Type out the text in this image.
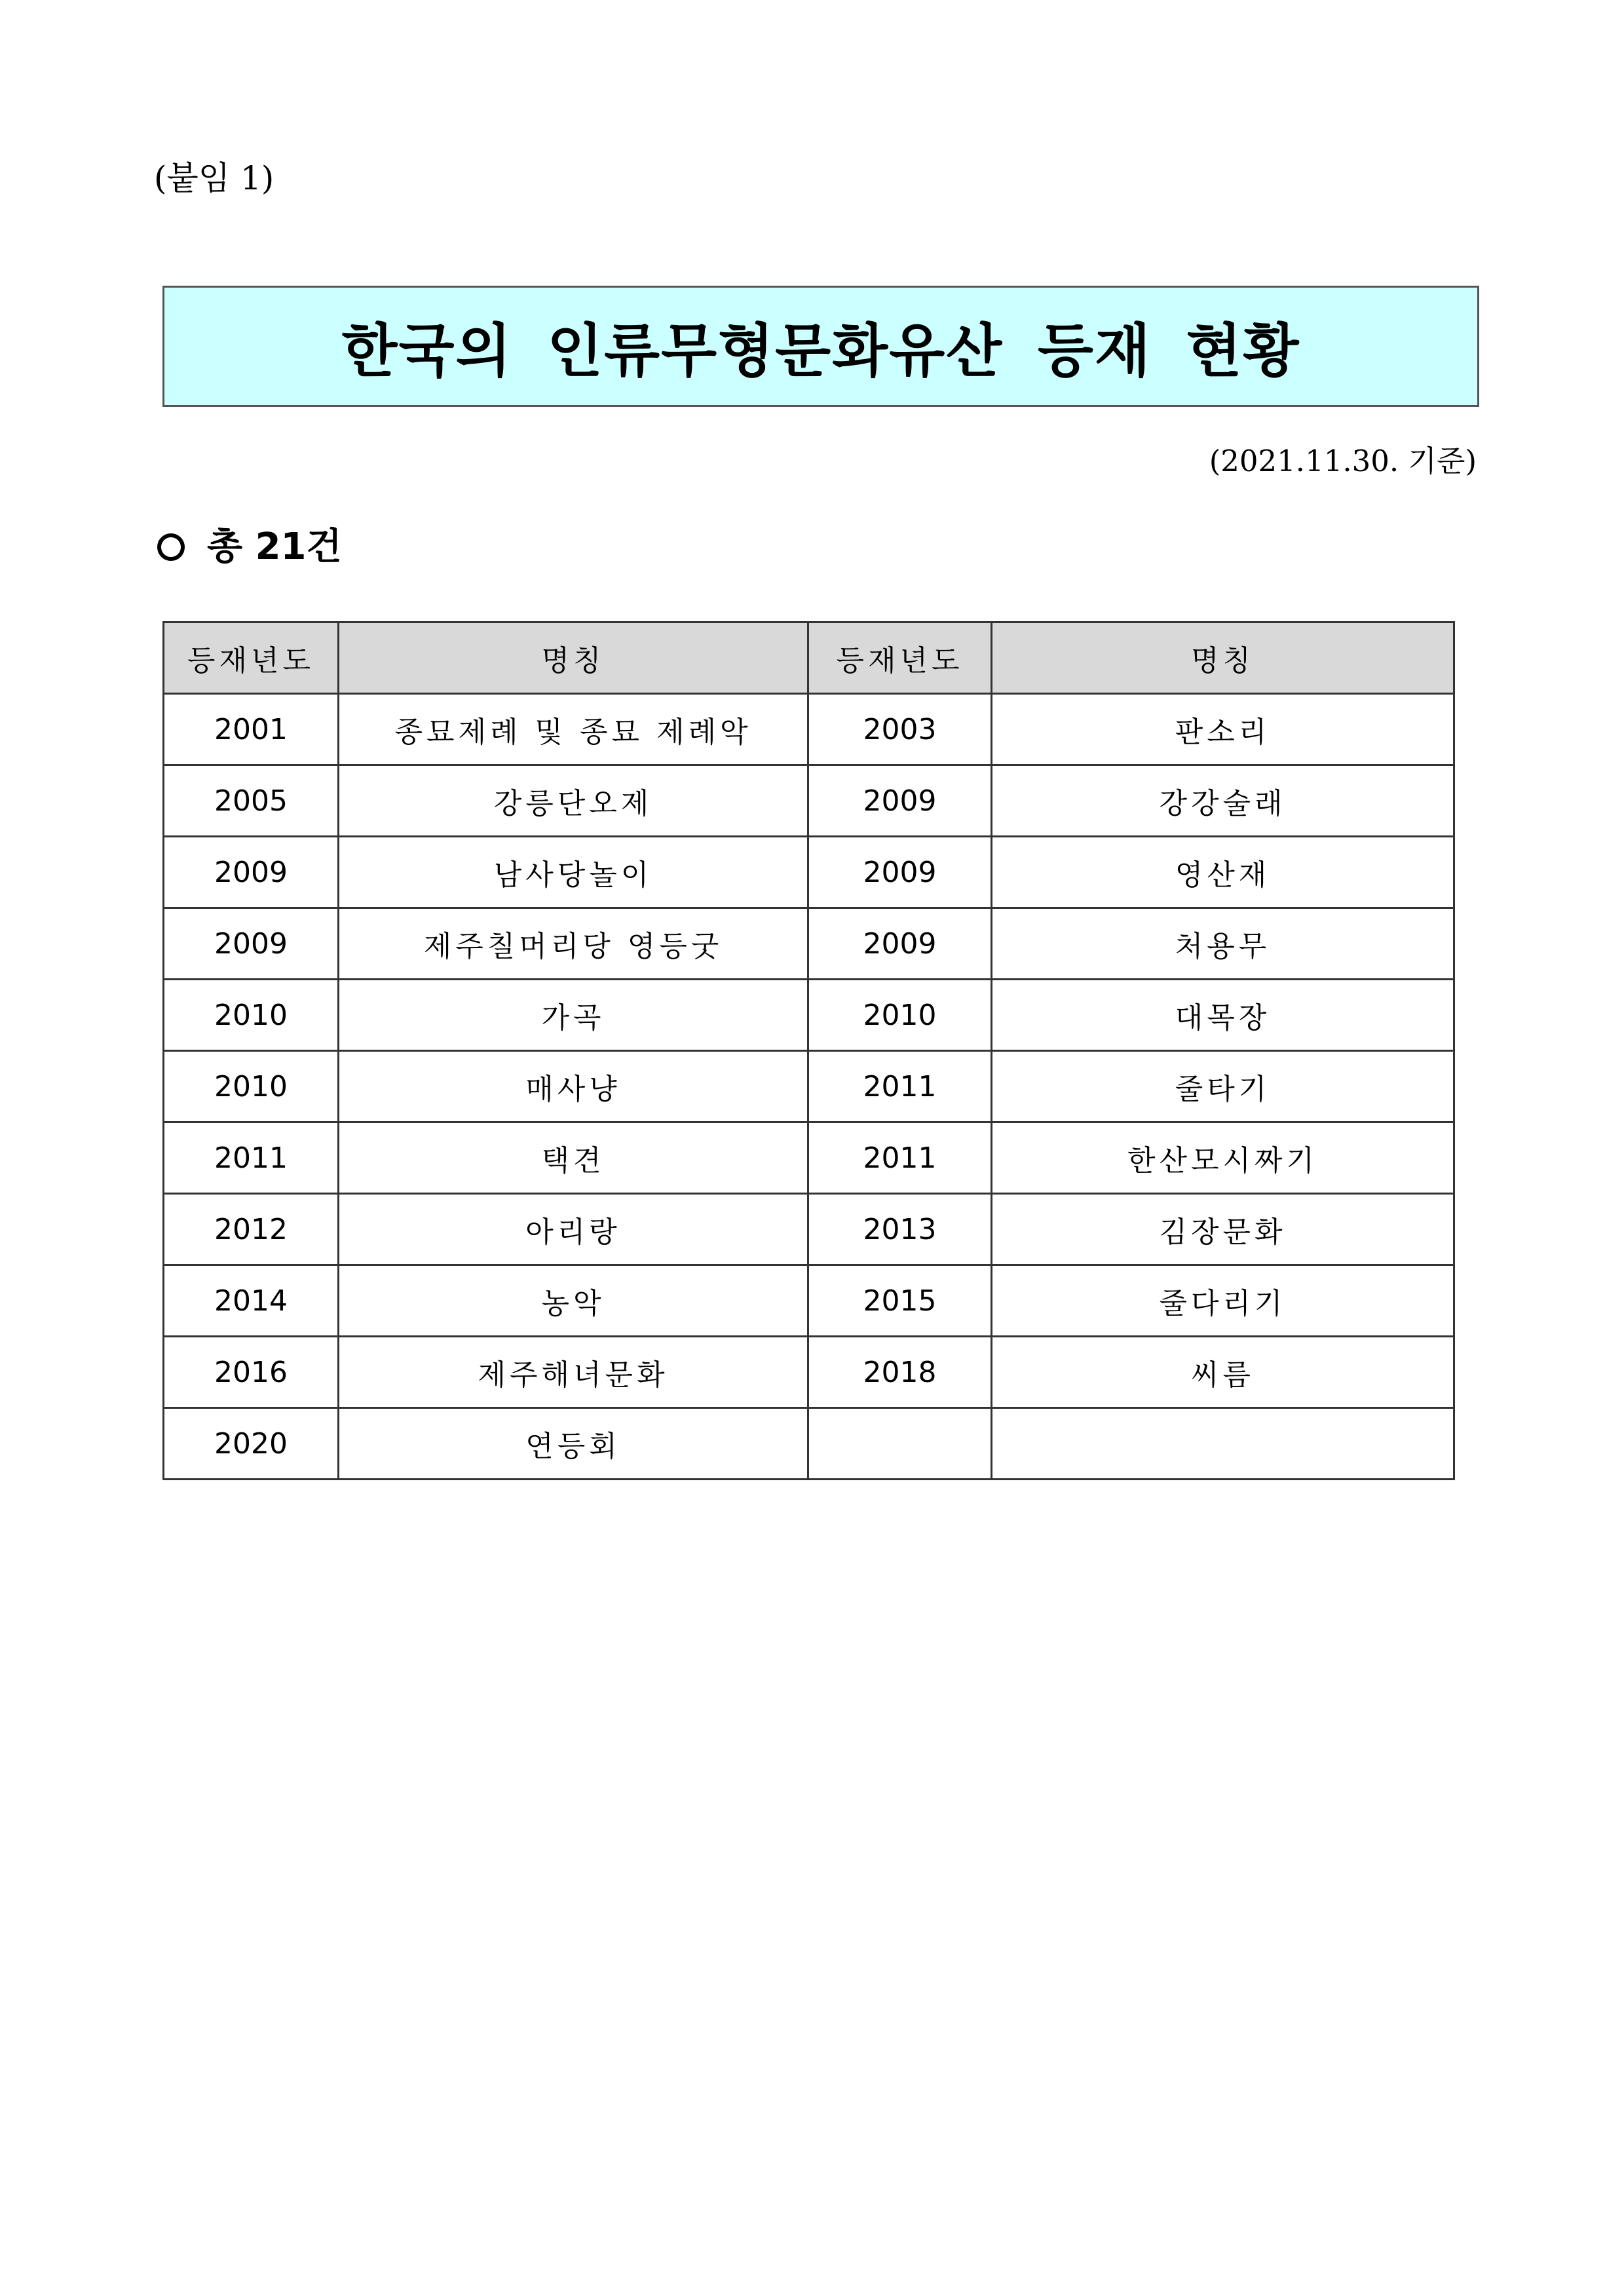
(붙임 1)
한국의 인류무형문화유산 등재 현황
(2021.11.30. 기준)
총 21건
등재년도	명칭	등재년도	명칭
2001	종묘제례 및 종묘 제례악	2003	판소리
2005	강릉단오제	2009	강강술래
2009	남사당놀이	2009	영산재
2009	제주칠머리당 영등굿	2009	처용무
2010	가곡	2010	대목장
2010	매사냥	2011	줄타기
2011	택견	2011	한산모시짜기
2012	아리랑	2013	김장문화
2014	농악	2015	줄다리기
2016	제주해녀문화	2018	씨름
2020	연등회		
